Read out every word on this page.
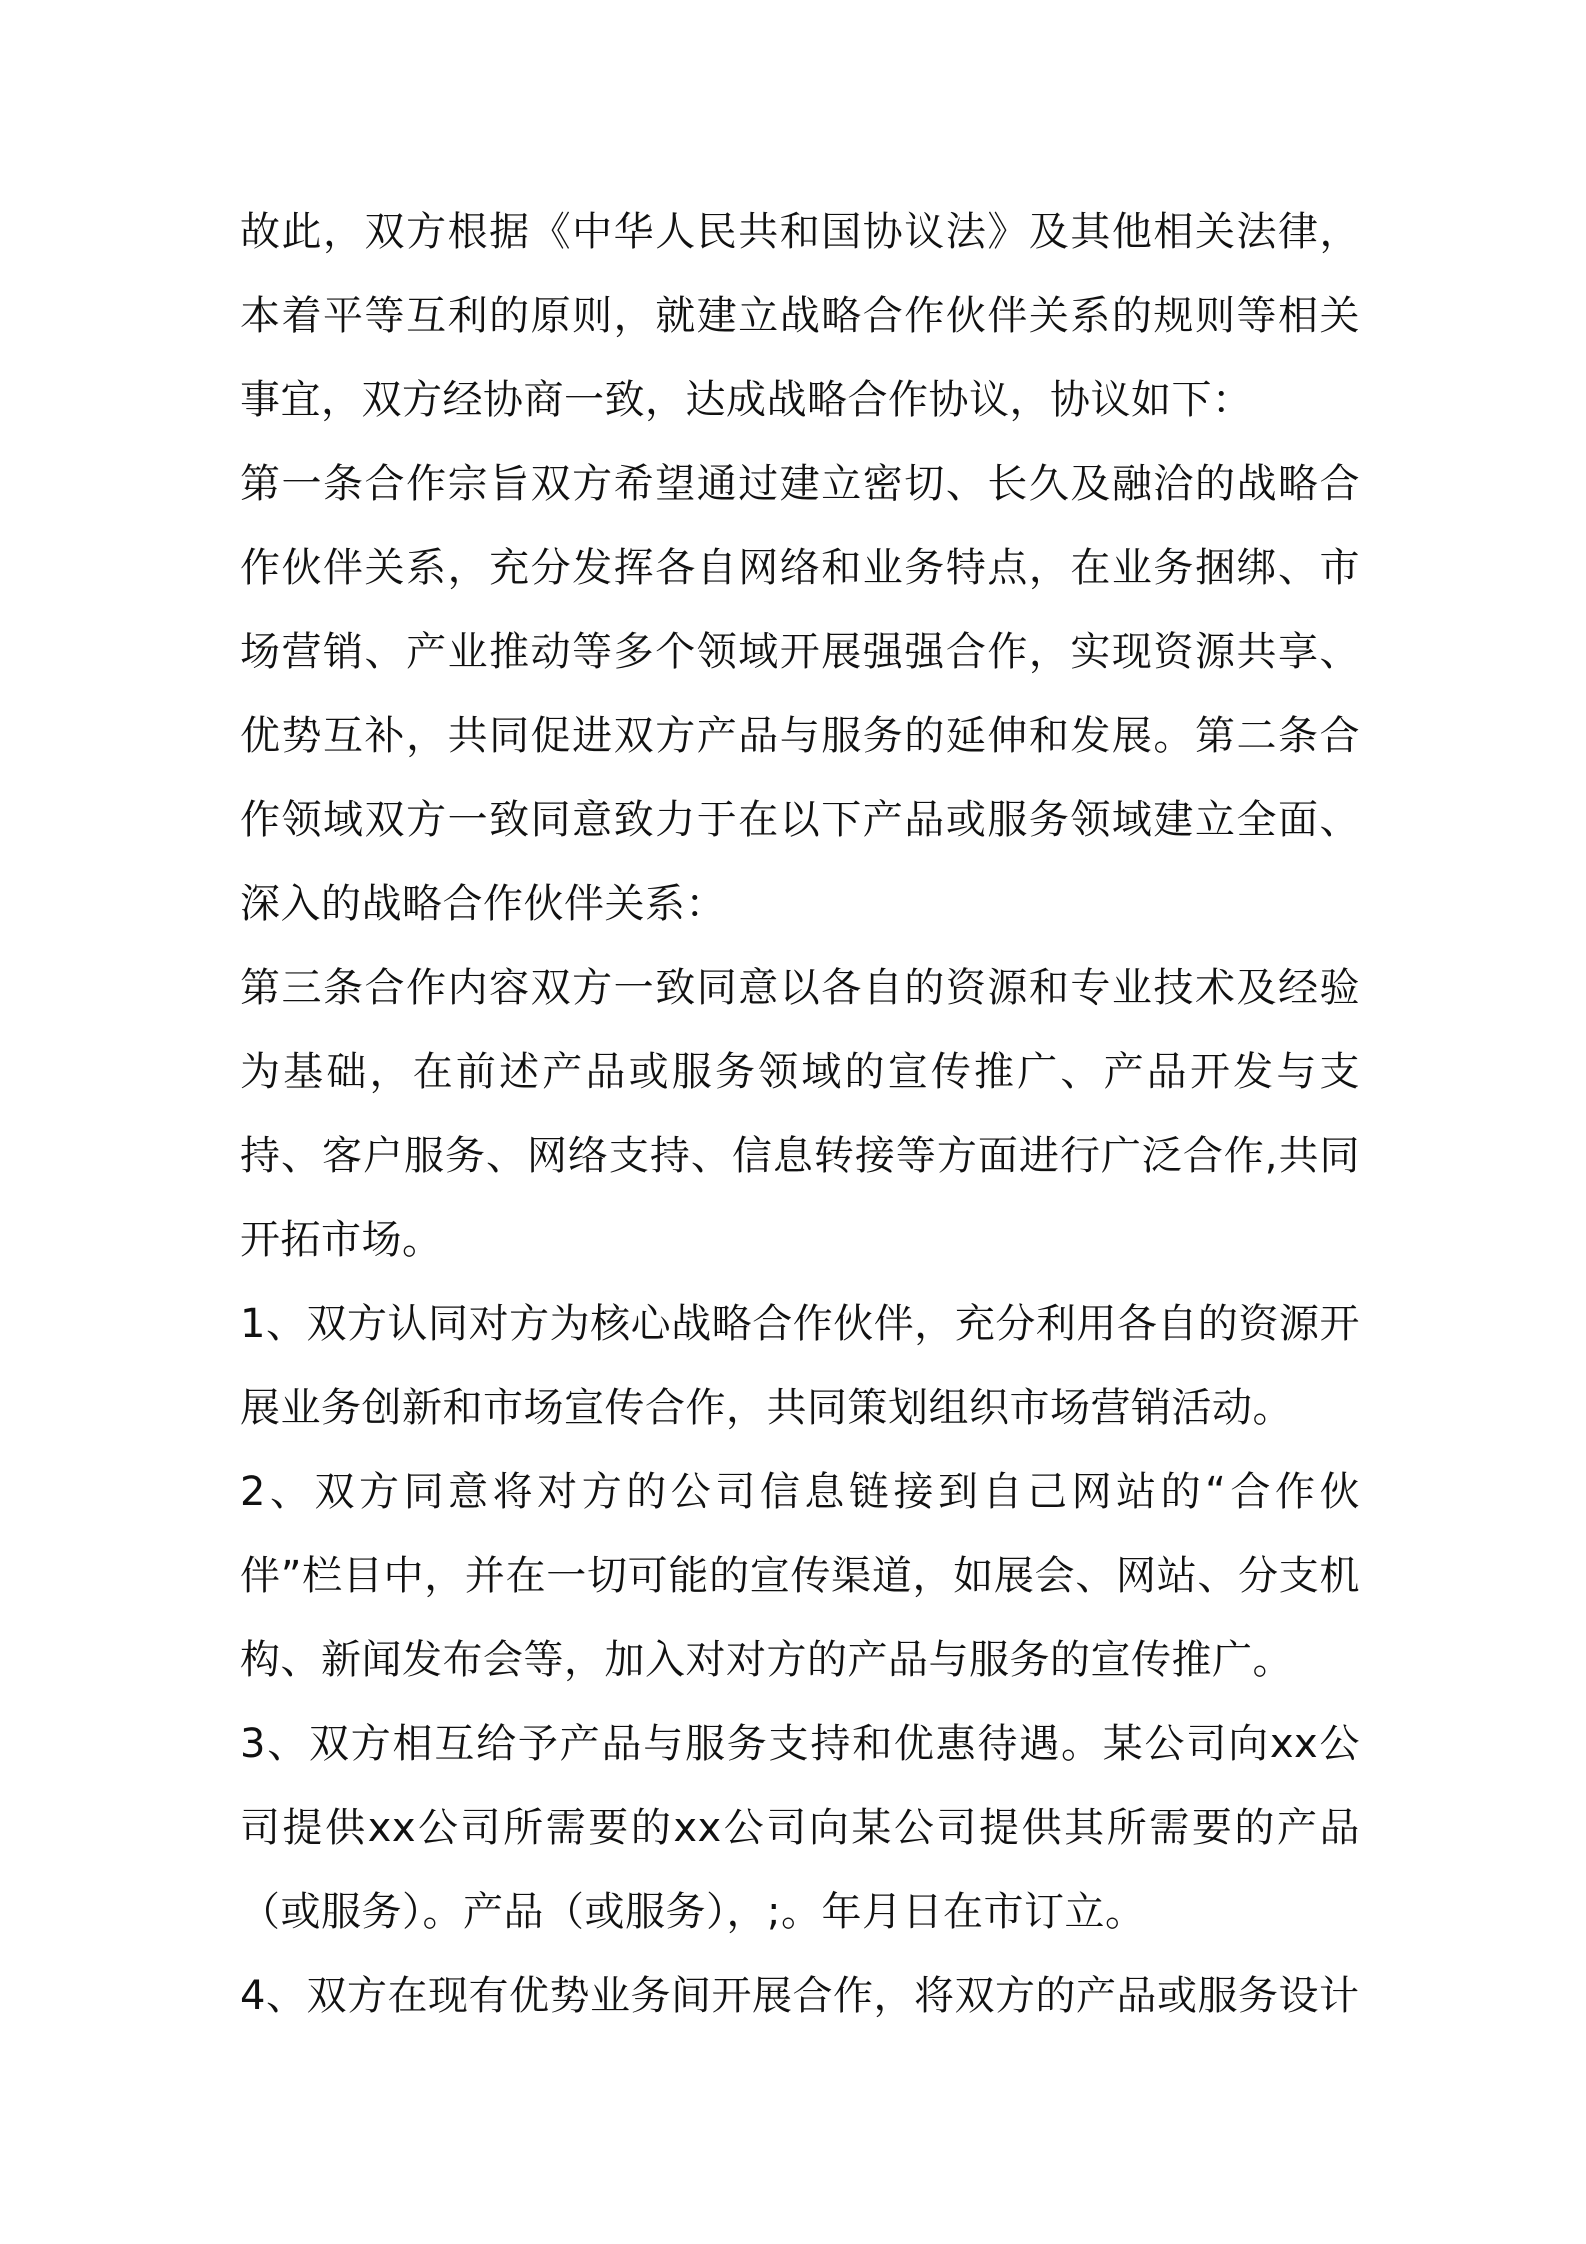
故此，双方根据《中华人民共和国协议法》及其他相关法律，本着平等互利的原则，就建立战略合作伙伴关系的规则等相关事宜，双方经协商一致，达成战略合作协议，协议如下：

第一条合作宗旨双方希望通过建立密切、长久及融洽的战略合作伙伴关系，充分发挥各自网络和业务特点，在业务捆绑、市场营销、产业推动等多个领域开展强强合作，实现资源共享、优势互补，共同促进双方产品与服务的延伸和发展。第二条合作领域双方一致同意致力于在以下产品或服务领域建立全面、深入的战略合作伙伴关系：

第三条合作内容双方一致同意以各自的资源和专业技术及经验为基础，在前述产品或服务领域的宣传推广、产品开发与支持、客户服务、网络支持、信息转接等方面进行广泛合作,共同开拓市场。

1、双方认同对方为核心战略合作伙伴，充分利用各自的资源开展业务创新和市场宣传合作，共同策划组织市场营销活动。

2、双方同意将对方的公司信息链接到自己网站的“合作伙伴”栏目中，并在一切可能的宣传渠道，如展会、网站、分支机构、新闻发布会等，加入对对方的产品与服务的宣传推广。

3、双方相互给予产品与服务支持和优惠待遇。某公司向xx公司提供xx公司所需要的xx公司向某公司提供其所需要的产品（或服务）。产品（或服务），;。年月日在市订立。

4、双方在现有优势业务间开展合作，将双方的产品或服务设计
